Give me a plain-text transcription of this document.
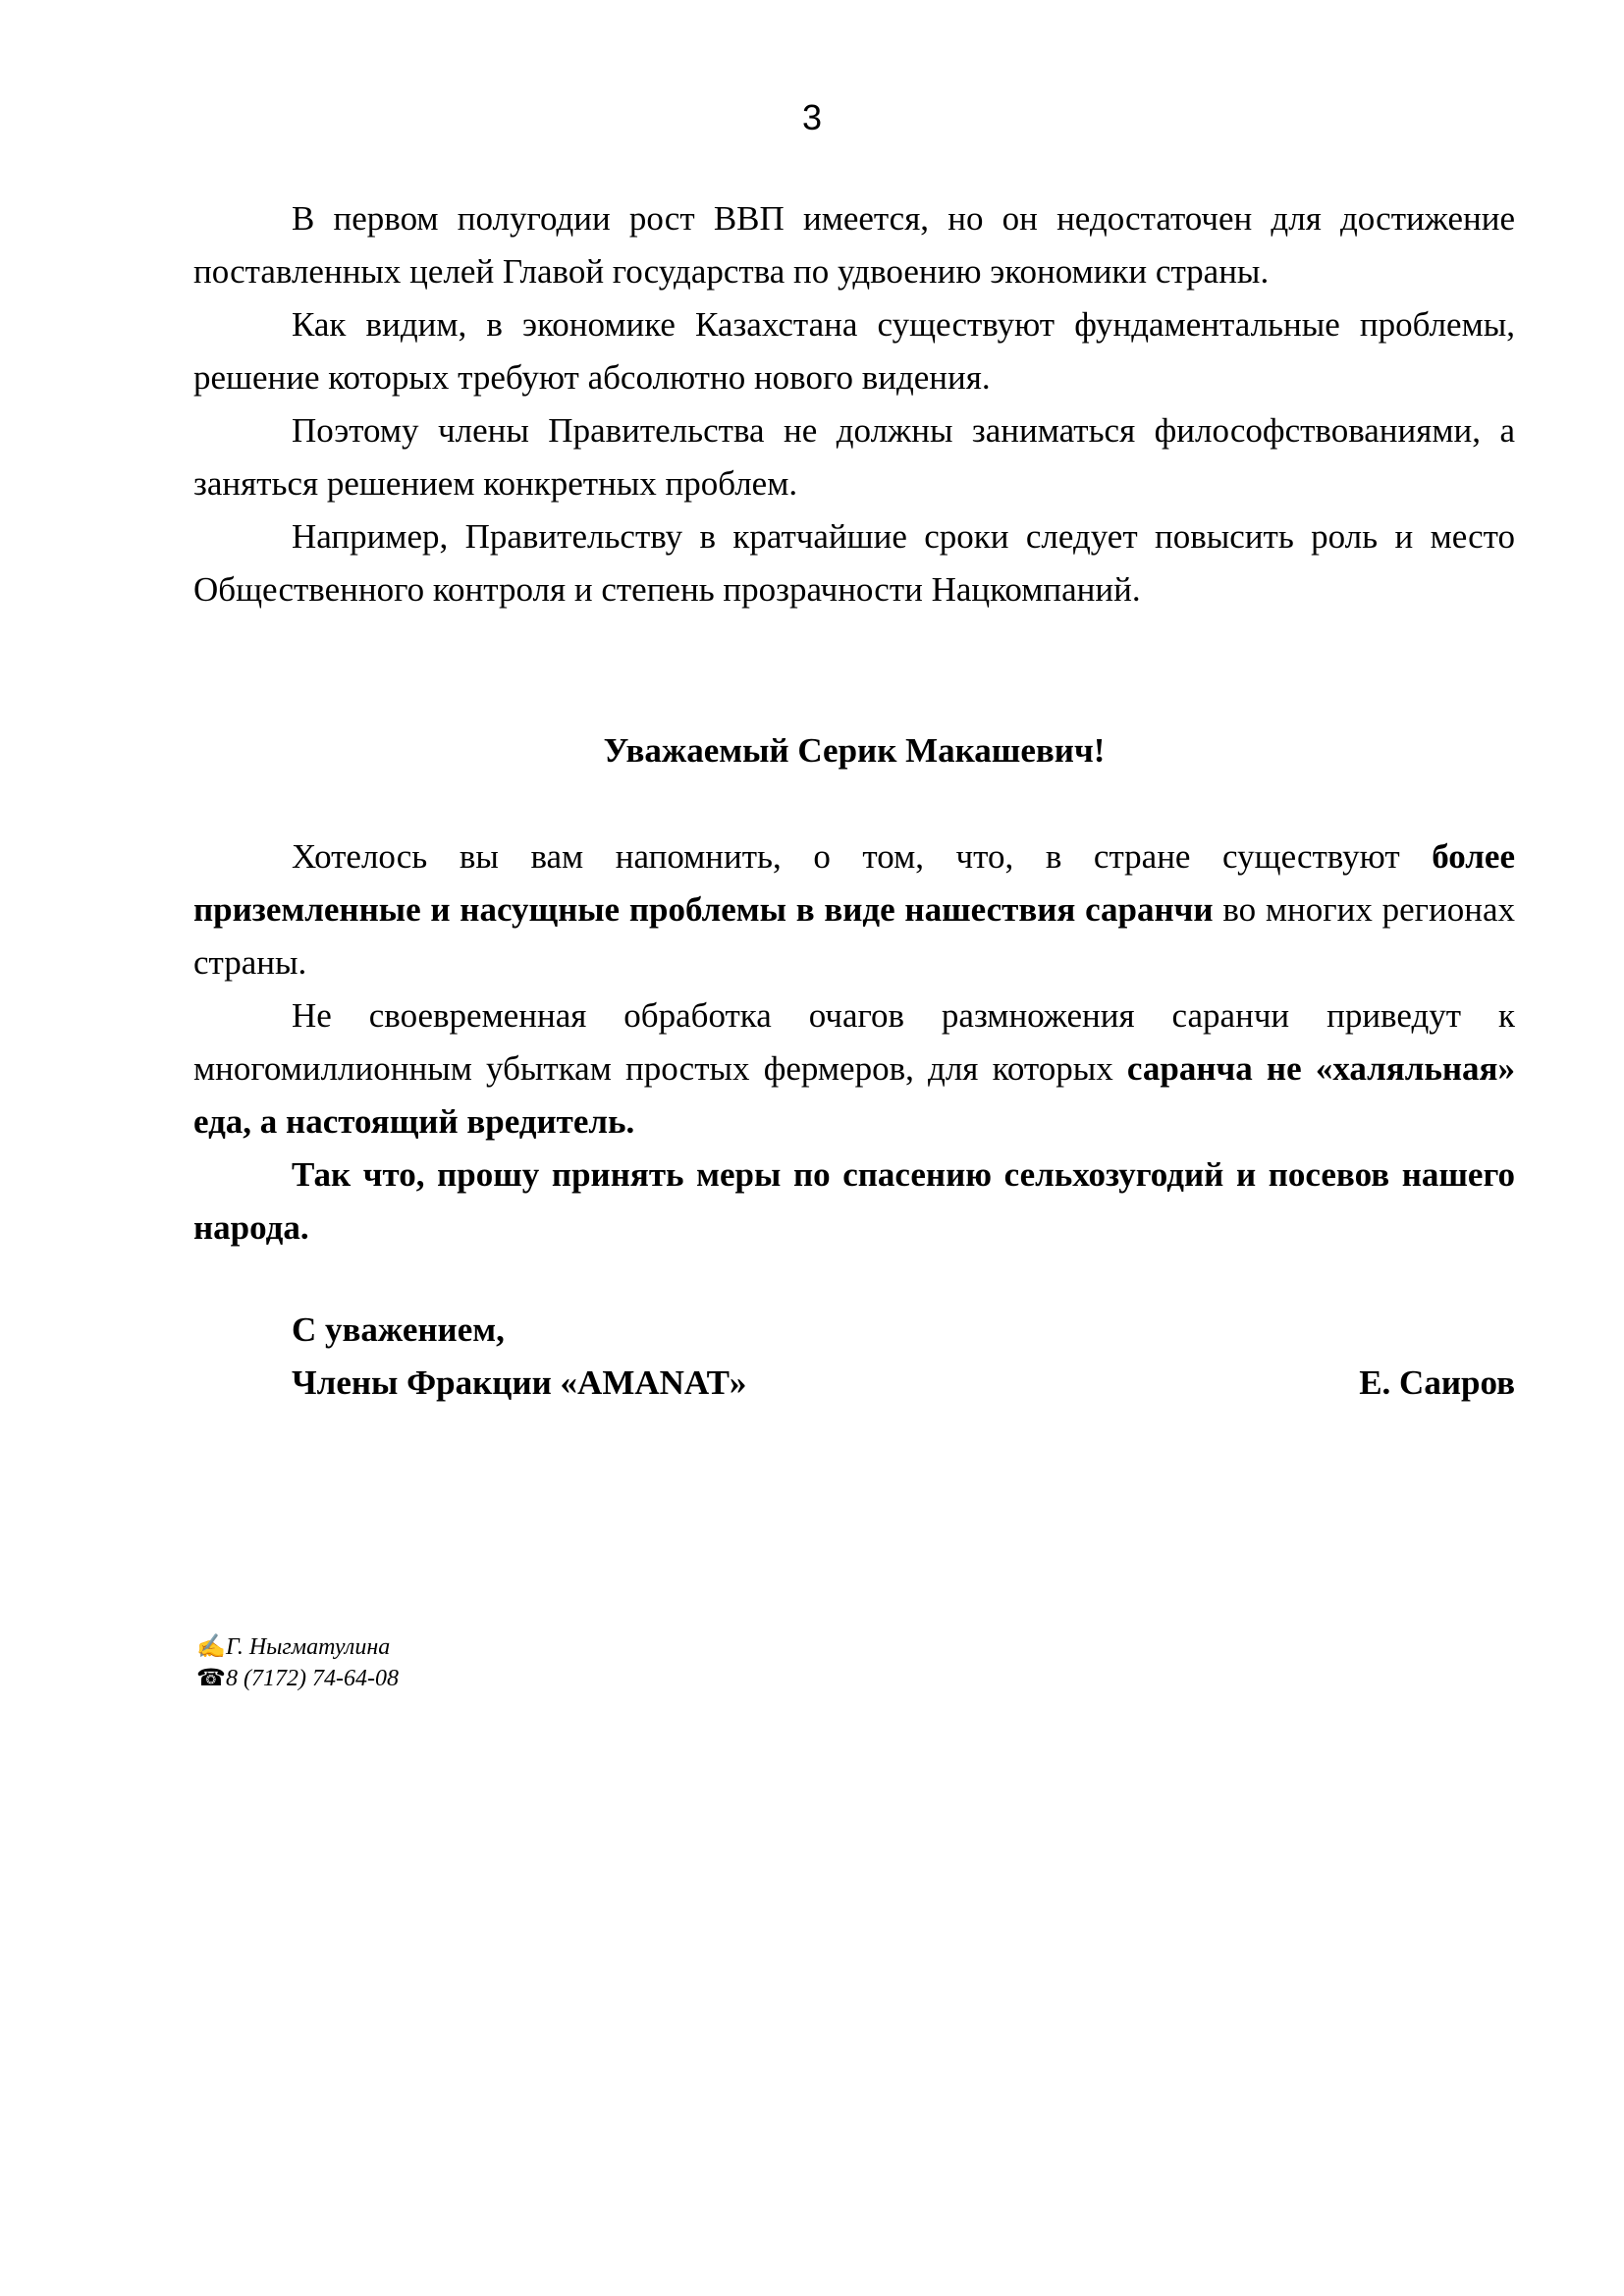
3

В первом полугодии рост ВВП имеется, но он недостаточен для достижение поставленных целей Главой государства по удвоению экономики страны.

Как видим, в экономике Казахстана существуют фундаментальные проблемы, решение которых требуют абсолютно нового видения.

Поэтому члены Правительства не должны заниматься философствованиями, а заняться решением конкретных проблем.

Например, Правительству в кратчайшие сроки следует повысить роль и место Общественного контроля и степень прозрачности Нацкомпаний.

Уважаемый Серик Макашевич!

Хотелось вы вам напомнить, о том, что, в стране существуют более приземленные и насущные проблемы в виде нашествия саранчи во многих регионах страны.

Не своевременная обработка очагов размножения саранчи приведут к многомиллионным убыткам простых фермеров, для которых саранча не «халяльная» еда, а настоящий вредитель.

Так что, прошу принять меры по спасению сельхозугодий и посевов нашего народа.

С уважением,
Члены Фракции «AMANAT»	Е. Саиров
✍Г. Ныгматулина
☎8 (7172) 74-64-08
